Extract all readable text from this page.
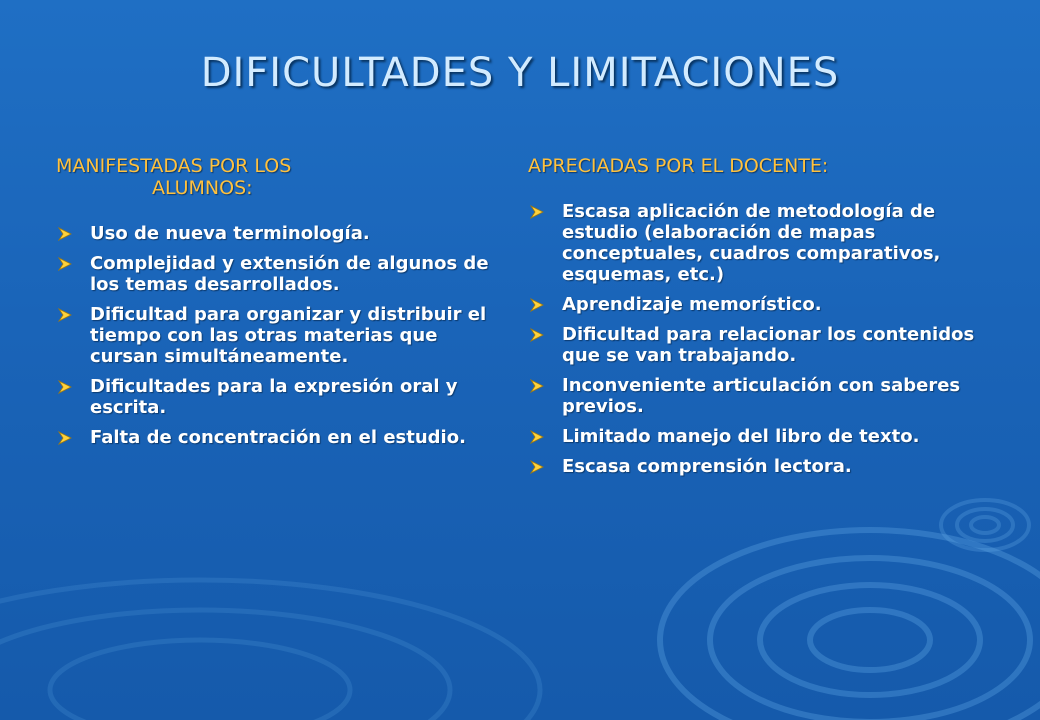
DIFICULTADES Y LIMITACIONES
MANIFESTADAS POR LOS
ALUMNOS:
Uso de nueva terminología.
Complejidad y extensión de algunos de los temas desarrollados.
Dificultad para organizar y distribuir el tiempo con las otras materias que cursan simultáneamente.
Dificultades para la expresión oral y escrita.
Falta de concentración en el estudio.
APRECIADAS POR EL DOCENTE:
Escasa aplicación de metodología de estudio (elaboración de mapas conceptuales, cuadros comparativos, esquemas, etc.)
Aprendizaje memorístico.
Dificultad para relacionar los contenidos que se van trabajando.
Inconveniente articulación con saberes previos.
Limitado manejo del libro de texto.
Escasa comprensión lectora.
